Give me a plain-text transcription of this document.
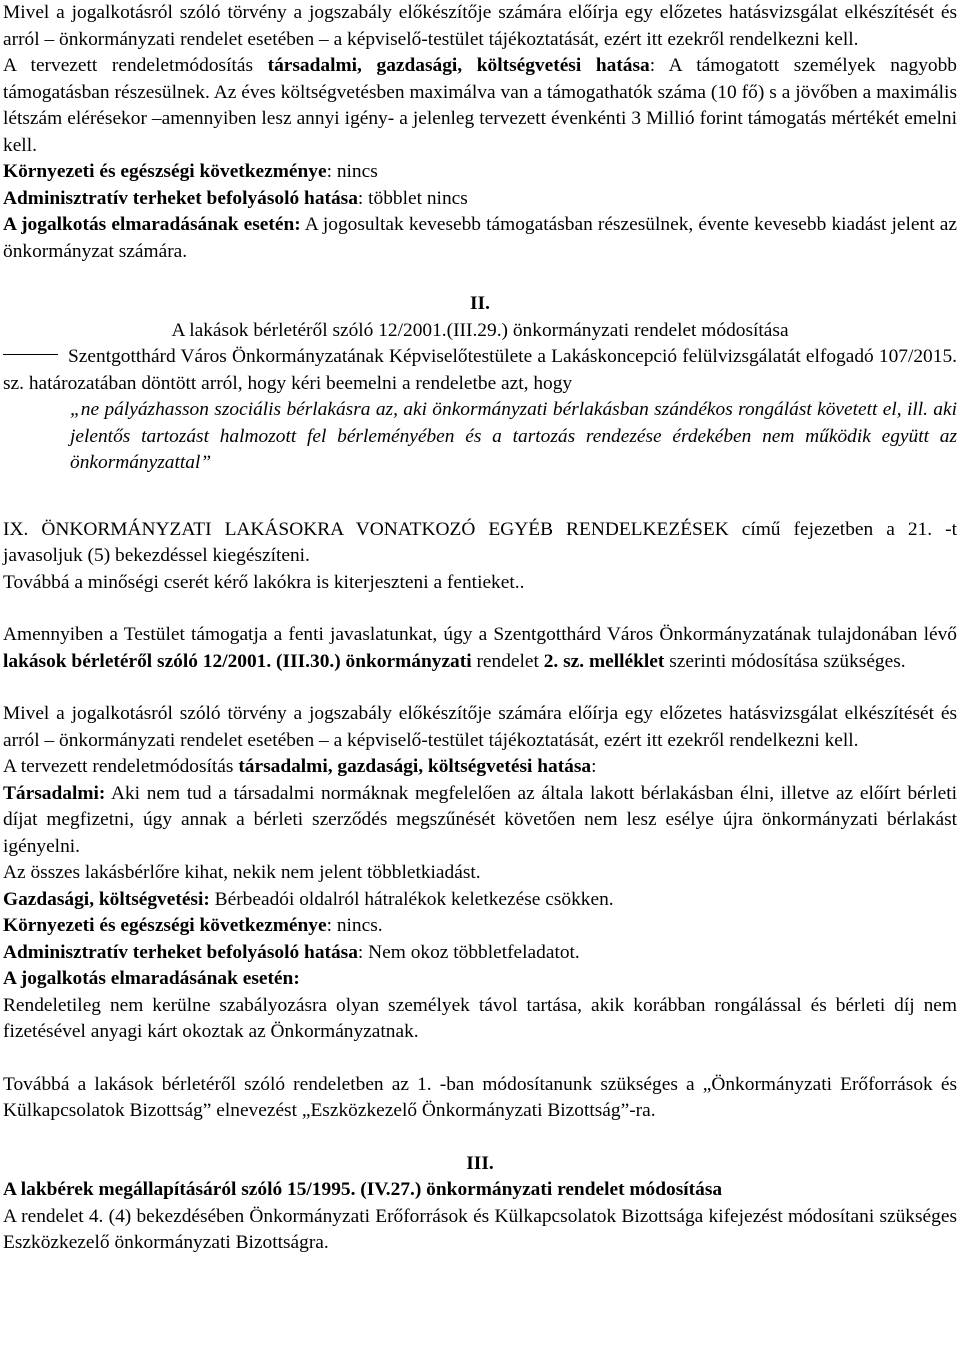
Mivel a jogalkotásról szóló törvény a jogszabály előkészítője számára előírja egy előzetes hatásvizsgálat elkészítését és arról – önkormányzati rendelet esetében – a képviselő-testület tájékoztatását, ezért itt ezekről rendelkezni kell.

A tervezett rendeletmódosítás társadalmi, gazdasági, költségvetési hatása: A támogatott személyek nagyobb támogatásban részesülnek. Az éves költségvetésben maximálva van a támogathatók száma (10 fő) s a jövőben a maximális létszám elérésekor –amennyiben lesz annyi igény- a jelenleg tervezett évenkénti 3 Millió forint támogatás mértékét emelni kell.

Környezeti és egészségi következménye: nincs

Adminisztratív terheket befolyásoló hatása: többlet nincs

A jogalkotás elmaradásának esetén: A jogosultak kevesebb támogatásban részesülnek, évente kevesebb kiadást jelent az önkormányzat számára.

II.

A lakások bérletéről szóló 12/2001.(III.29.) önkormányzati rendelet módosítása

Szentgotthárd Város Önkormányzatának Képviselőtestülete a Lakáskoncepció felülvizsgálatát elfogadó 107/2015. sz. határozatában döntött arról, hogy kéri beemelni a rendeletbe azt, hogy

„ne pályázhasson szociális bérlakásra az, aki önkormányzati bérlakásban szándékos rongálást követett el, ill. aki jelentős tartozást halmozott fel bérleményében és a tartozás rendezése érdekében nem működik együtt az önkormányzattal”

IX. ÖNKORMÁNYZATI LAKÁSOKRA VONATKOZÓ EGYÉB RENDELKEZÉSEK című fejezetben a 21. -t javasoljuk (5) bekezdéssel kiegészíteni.

Továbbá a minőségi cserét kérő lakókra is kiterjeszteni a fentieket..

Amennyiben a Testület támogatja a fenti javaslatunkat, úgy a Szentgotthárd Város Önkormányzatának tulajdonában lévő lakások bérletéről szóló 12/2001. (III.30.) önkormányzati rendelet 2. sz. melléklet szerinti módosítása szükséges.

Mivel a jogalkotásról szóló törvény a jogszabály előkészítője számára előírja egy előzetes hatásvizsgálat elkészítését és arról – önkormányzati rendelet esetében – a képviselő-testület tájékoztatását, ezért itt ezekről rendelkezni kell.

A tervezett rendeletmódosítás társadalmi, gazdasági, költségvetési hatása:

Társadalmi: Aki nem tud a társadalmi normáknak megfelelően az általa lakott bérlakásban élni, illetve az előírt bérleti díjat megfizetni, úgy annak a bérleti szerződés megszűnését követően nem lesz esélye újra önkormányzati bérlakást igényelni.

Az összes lakásbérlőre kihat, nekik nem jelent többletkiadást.

Gazdasági, költségvetési: Bérbeadói oldalról hátralékok keletkezése csökken.

Környezeti és egészségi következménye: nincs.

Adminisztratív terheket befolyásoló hatása: Nem okoz többletfeladatot.

A jogalkotás elmaradásának esetén:

Rendeletileg nem kerülne szabályozásra olyan személyek távol tartása, akik korábban rongálással és bérleti díj nem fizetésével anyagi kárt okoztak az Önkormányzatnak.

Továbbá a lakások bérletéről szóló rendeletben az 1. -ban módosítanunk szükséges a „Önkormányzati Erőforrások és Külkapcsolatok Bizottság” elnevezést „Eszközkezelő Önkormányzati Bizottság”-ra.

III.

A lakbérek megállapításáról szóló 15/1995. (IV.27.) önkormányzati rendelet módosítása

A rendelet 4. (4) bekezdésében Önkormányzati Erőforrások és Külkapcsolatok Bizottsága kifejezést módosítani szükséges Eszközkezelő önkormányzati Bizottságra.
